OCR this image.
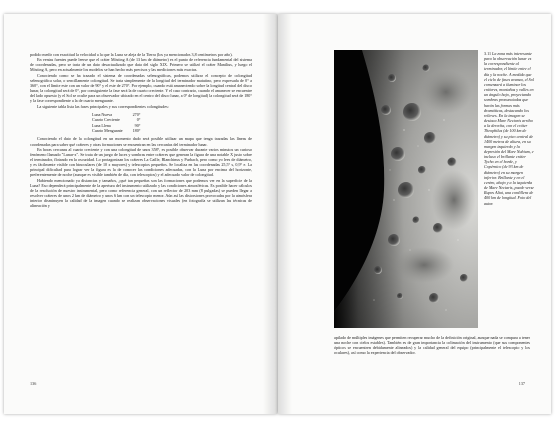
podido medir con exactitud la velocidad a la que la Luna se aleja de la Tierra (los ya mencionados 3,8 centímetros por año).

En ventas fuentes puede leerse que el cráter Mösting A (de 13 km de diámetro) es el punto de referencia fundamental del sistema de coordenadas, pero se trata de un dato desactualizado que data del siglo XIX. Primero se utilizó el cráter Manilius, y luego el Mösting A, pero en actualmente los modelos se han hecho más precisos y las mediciones más exactas.

Conociendo como se ha trazado el sistema de coordenadas selenográficas, podemos utilizar el concepto de colongitud selenográfica solar, o sencillamente colongitud. Se trata simplemente de la longitud del terminador matutino, pero expresada de 0° a 360°, con el límite este con un valor de 90° y el este de 270°. Por ejemplo, cuando está amaneciendo sobre la longitud central del disco lunar, la colongitud será de 0°, por consiguiente la fase será la de cuarto creciente. Y el caso contrario, cuando el amanecer se encuentre del lado opuesto (y el Sol se oculte para un observador ubicado en el centro del disco lunar, a 0° de longitud) la colongitud será de 180° y la fase correspondiente a la de cuarto menguante.

La siguiente tabla lista las fases principales y sus correspondientes colongitudes:

Luna Nueva	270°
Cuarto Creciente	0°
Luna Llena	90°
Cuarto Menguante	180°

Conociendo el dato de la colongitud en un momento dado será posible utilizar un mapa que tenga trazadas las líneas de coordenadas para saber qué cráteres y otras formaciones se encuentran en las cercanías del terminador lunar.

En horas cercanas al cuarto creciente y con una colongitud de unos 358°, es posible observar durante varios minutos un curioso fenómeno llamado "Lunar-x". Se trata de un juego de luces y sombras entre cráteres que generan la figura de una notable X justo sobre el terminador, flotando en la oscuridad. Lo protagonizan los cráteres La Caille, Blanchinus y Purbach, pero como yo lees de diámetro, y es fácilmente visible con binoculares (de 10 x mayores) y telescopios pequeños. Se localiza en las coordenadas 25,5° s, 0,9° e. La principal dificultad para lograr ver la figura es la de conocer las condiciones adecuadas, con la Luna por encima del horizonte, preferentemente de noche (aunque es visible también de día, con telescopios) y el adecuado valor de colongitud.

Habiendo mencionado ya distancias y tamaños, ¿qué tan pequeñas son las formaciones que podemos ver en la superficie de la Luna? Eso dependerá principalmente de la apertura del instrumento utilizado y las condiciones atmosféricas. Es posible hacer cálculos de la resolución de nuestro instrumental, pero como referencia general, con un reflector de 203 mm (8 pulgadas) se pueden llegar a resolver cráteres de unos 2 km de diámetro y unos 6 km con un telescopio menor. Aún así las distorsiones provocadas por la atmósfera interior disminuyen la calidad de la imagen cuando se realizan observaciones visuales (en fotografía se utilizan las técnicas de alineación y

136
3.11 La zona más interesante para la observación lunar es la correspondiente al terminador, el límite entre el día y la noche. A medida que el ciclo de fases avanza, el Sol comenzará a iluminar los cráteres, montañas y valles en un ángulo bajo, proyectando sombras pronunciadas que harán las formas más dramáticas, destacando los relieves. En la imagen se destaca Mare Nectaris arriba a la derecha, con el cráter Theophilus (de 100 km de diámetro) y su pico central de 1400 metros de altura, en su margen izquierdo y la depresión del Mare Nubium, e incluso el brillante cráter Tycho en el borde, y Copérnico (de 93 km de diámetro) en su margen inferior. Brillante y en el centro, abajo y a la izquierda de Mare Nectaris, puede verse Rupes Altai, una cordillera de 400 km de longitud. Foto del autor.

apilado de múltiples imágenes que permiten recuperar mucho de la definición original, aunque nada se compara a tener una noche con cielos estables). También es de gran importancia la colimación del instrumento (que sus componentes ópticos se encuentren debidamente alineados) y la calidad general del equipo (principalmente el telescopio y los oculares), así como la experiencia del observador.

137
